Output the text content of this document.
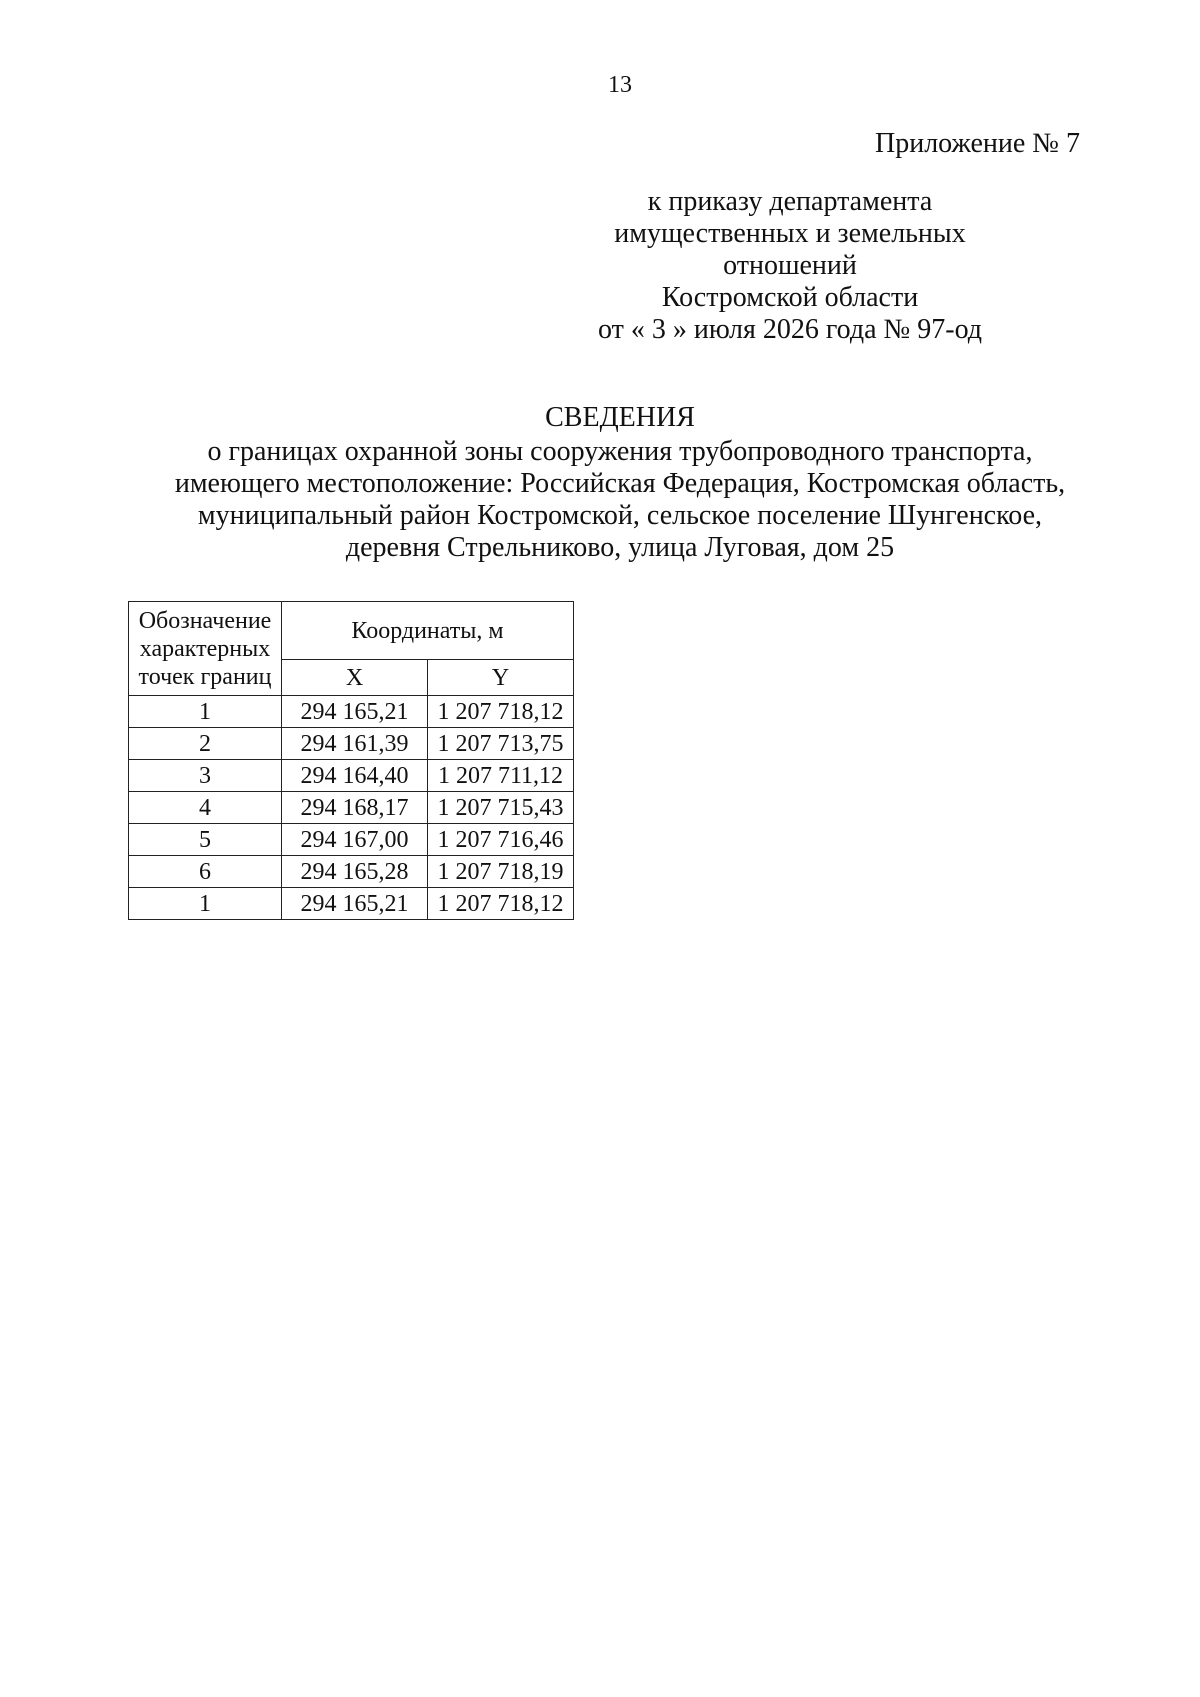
13
Приложение № 7
к приказу департамента
имущественных и земельных
отношений
Костромской области
от « 3 » июля 2026 года № 97-од
СВЕДЕНИЯ
о границах охранной зоны сооружения трубопроводного транспорта,
имеющего местоположение: Российская Федерация, Костромская область,
муниципальный район Костромской, сельское поселение Шунгенское,
деревня Стрельниково, улица Луговая, дом 25
Обозначение характерных точек границ	Координаты, м	
	X	Y
1	294 165,21	1 207 718,12
2	294 161,39	1 207 713,75
3	294 164,40	1 207 711,12
4	294 168,17	1 207 715,43
5	294 167,00	1 207 716,46
6	294 165,28	1 207 718,19
1	294 165,21	1 207 718,12
